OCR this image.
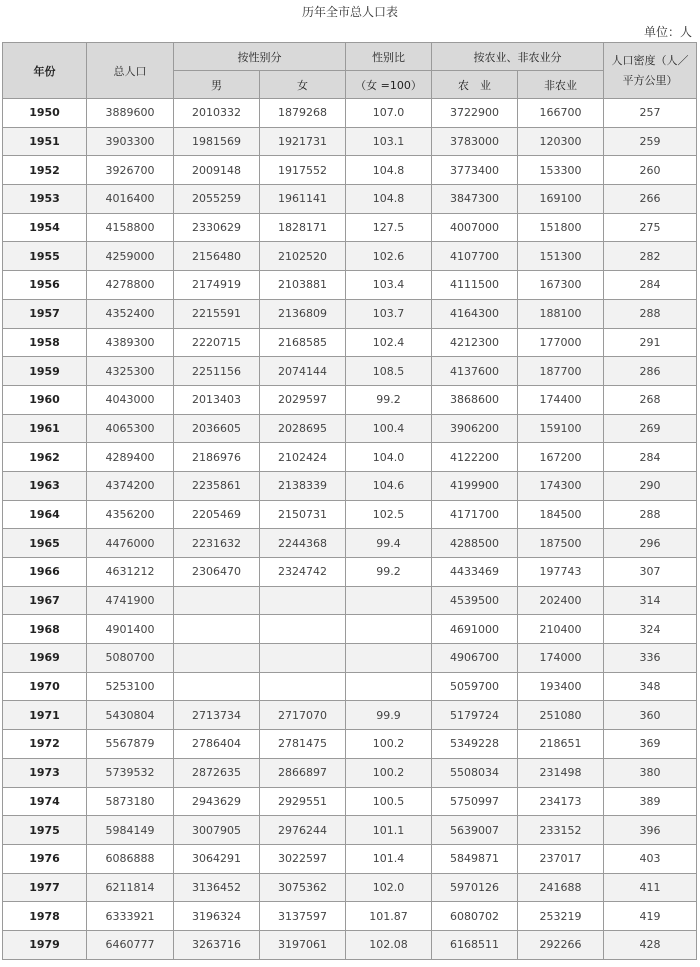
历年全市总人口表
单位：人
年份	总人口	按性别分		性别比	按农业、非农业分		人口密度（人／平方公里）
		男	女	（女 =100）	农　业	非农业	
1950	3889600	2010332	1879268	107.0	3722900	166700	257
1951	3903300	1981569	1921731	103.1	3783000	120300	259
1952	3926700	2009148	1917552	104.8	3773400	153300	260
1953	4016400	2055259	1961141	104.8	3847300	169100	266
1954	4158800	2330629	1828171	127.5	4007000	151800	275
1955	4259000	2156480	2102520	102.6	4107700	151300	282
1956	4278800	2174919	2103881	103.4	4111500	167300	284
1957	4352400	2215591	2136809	103.7	4164300	188100	288
1958	4389300	2220715	2168585	102.4	4212300	177000	291
1959	4325300	2251156	2074144	108.5	4137600	187700	286
1960	4043000	2013403	2029597	99.2	3868600	174400	268
1961	4065300	2036605	2028695	100.4	3906200	159100	269
1962	4289400	2186976	2102424	104.0	4122200	167200	284
1963	4374200	2235861	2138339	104.6	4199900	174300	290
1964	4356200	2205469	2150731	102.5	4171700	184500	288
1965	4476000	2231632	2244368	99.4	4288500	187500	296
1966	4631212	2306470	2324742	99.2	4433469	197743	307
1967	4741900				4539500	202400	314
1968	4901400				4691000	210400	324
1969	5080700				4906700	174000	336
1970	5253100				5059700	193400	348
1971	5430804	2713734	2717070	99.9	5179724	251080	360
1972	5567879	2786404	2781475	100.2	5349228	218651	369
1973	5739532	2872635	2866897	100.2	5508034	231498	380
1974	5873180	2943629	2929551	100.5	5750997	234173	389
1975	5984149	3007905	2976244	101.1	5639007	233152	396
1976	6086888	3064291	3022597	101.4	5849871	237017	403
1977	6211814	3136452	3075362	102.0	5970126	241688	411
1978	6333921	3196324	3137597	101.87	6080702	253219	419
1979	6460777	3263716	3197061	102.08	6168511	292266	428
